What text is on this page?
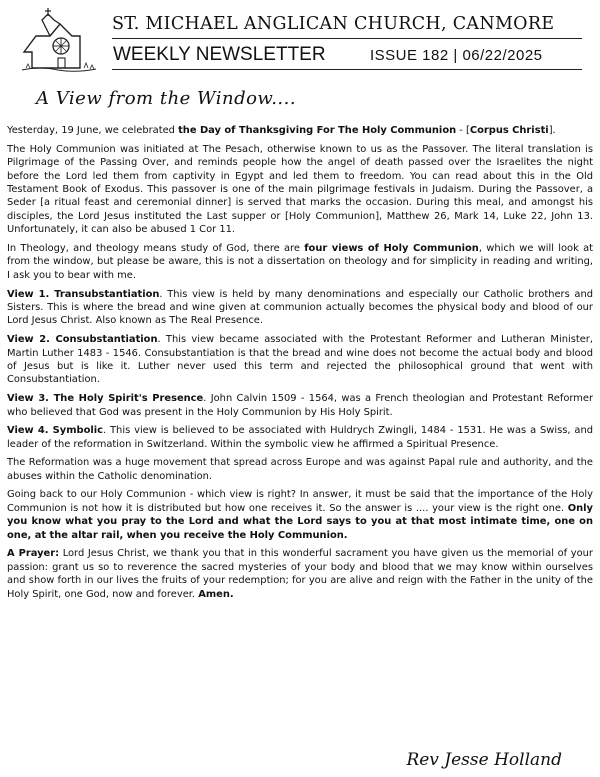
ST. MICHAEL ANGLICAN CHURCH, CANMORE
WEEKLY NEWSLETTER	ISSUE 182 | 06/22/2025
A View from the Window....

Yesterday, 19 June, we celebrated the Day of Thanksgiving For The Holy Communion - [Corpus Christi].

The Holy Communion was initiated at The Pesach, otherwise known to us as the Passover. The literal translation is Pilgrimage of the Passing Over, and reminds people how the angel of death passed over the Israelites the night before the Lord led them from captivity in Egypt and led them to freedom. You can read about this in the Old Testament Book of Exodus. This passover is one of the main pilgrimage festivals in Judaism. During the Passover, a Seder [a ritual feast and ceremonial dinner] is served that marks the occasion. During this meal, and amongst his disciples, the Lord Jesus instituted the Last supper or [Holy Communion], Matthew 26, Mark 14, Luke 22, John 13. Unfortunately, it can also be abused 1 Cor 11.

In Theology, and theology means study of God, there are four views of Holy Communion, which we will look at from the window, but please be aware, this is not a dissertation on theology and for simplicity in reading and writing, I ask you to bear with me.

View 1. Transubstantiation. This view is held by many denominations and especially our Catholic brothers and Sisters. This is where the bread and wine given at communion actually becomes the physical body and blood of our Lord Jesus Christ. Also known as The Real Presence.

View 2. Consubstantiation. This view became associated with the Protestant Reformer and Lutheran Minister, Martin Luther 1483 - 1546. Consubstantiation is that the bread and wine does not become the actual body and blood of Jesus but is like it. Luther never used this term and rejected the philosophical ground that went with Consubstantiation.

View 3. The Holy Spirit's Presence. John Calvin 1509 - 1564, was a French theologian and Protestant Reformer who believed that God was present in the Holy Communion by His Holy Spirit.

View 4. Symbolic. This view is believed to be associated with Huldrych Zwingli, 1484 - 1531. He was a Swiss, and leader of the reformation in Switzerland. Within the symbolic view he affirmed a Spiritual Presence.

The Reformation was a huge movement that spread across Europe and was against Papal rule and authority, and the abuses within the Catholic denomination.

Going back to our Holy Communion - which view is right? In answer, it must be said that the importance of the Holy Communion is not how it is distributed but how one receives it. So the answer is .... your view is the right one. Only you know what you pray to the Lord and what the Lord says to you at that most intimate time, one on one, at the altar rail, when you receive the Holy Communion.

A Prayer: Lord Jesus Christ, we thank you that in this wonderful sacrament you have given us the memorial of your passion: grant us so to reverence the sacred mysteries of your body and blood that we may know within ourselves and show forth in our lives the fruits of your redemption; for you are alive and reign with the Father in the unity of the Holy Spirit, one God, now and forever. Amen.

Rev Jesse Holland
